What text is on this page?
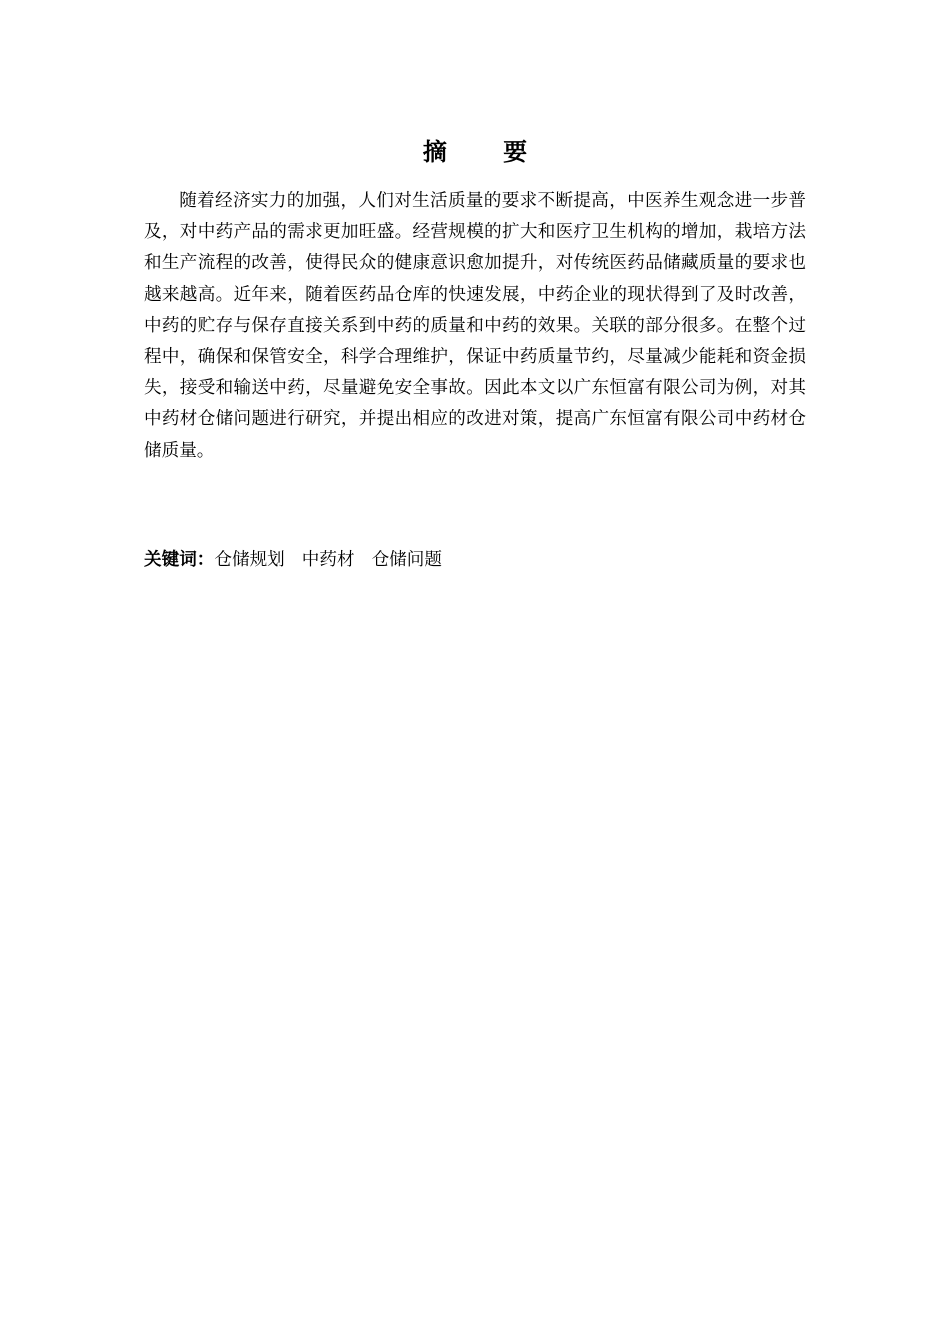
摘 要

随着经济实力的加强，人们对生活质量的要求不断提高，中医养生观念进一步普及，对中药产品的需求更加旺盛。经营规模的扩大和医疗卫生机构的增加，栽培方法和生产流程的改善，使得民众的健康意识愈加提升，对传统医药品储藏质量的要求也越来越高。近年来，随着医药品仓库的快速发展，中药企业的现状得到了及时改善，中药的贮存与保存直接关系到中药的质量和中药的效果。关联的部分很多。在整个过程中，确保和保管安全，科学合理维护，保证中药质量节约，尽量减少能耗和资金损失，接受和输送中药，尽量避免安全事故。因此本文以广东恒富有限公司为例，对其中药材仓储问题进行研究，并提出相应的改进对策，提高广东恒富有限公司中药材仓储质量。

关键词：仓储规划 中药材 仓储问题
